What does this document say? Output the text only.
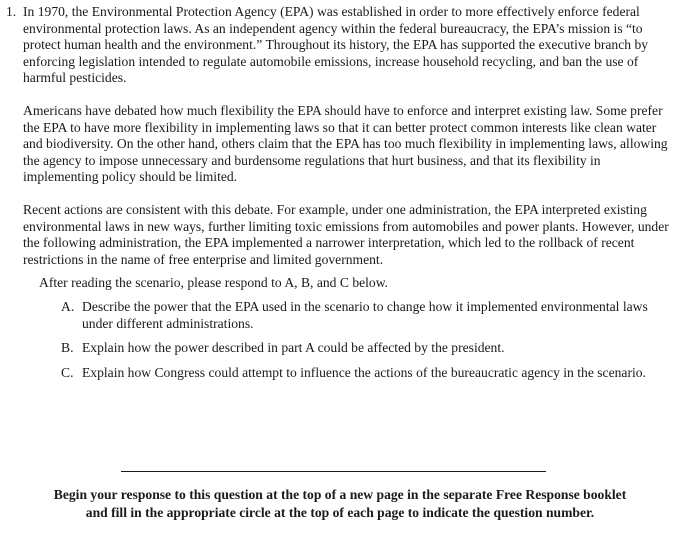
1. In 1970, the Environmental Protection Agency (EPA) was established in order to more effectively enforce federal environmental protection laws. As an independent agency within the federal bureaucracy, the EPA’s mission is “to protect human health and the environment.” Throughout its history, the EPA has supported the executive branch by enforcing legislation intended to regulate automobile emissions, increase household recycling, and ban the use of harmful pesticides.

Americans have debated how much flexibility the EPA should have to enforce and interpret existing law. Some prefer the EPA to have more flexibility in implementing laws so that it can better protect common interests like clean water and biodiversity. On the other hand, others claim that the EPA has too much flexibility in implementing laws, allowing the agency to impose unnecessary and burdensome regulations that hurt business, and that its flexibility in implementing policy should be limited.

Recent actions are consistent with this debate. For example, under one administration, the EPA interpreted existing environmental laws in new ways, further limiting toxic emissions from automobiles and power plants. However, under the following administration, the EPA implemented a narrower interpretation, which led to the rollback of recent restrictions in the name of free enterprise and limited government.

After reading the scenario, please respond to A, B, and C below.
A. Describe the power that the EPA used in the scenario to change how it implemented environmental laws under different administrations.
B. Explain how the power described in part A could be affected by the president.
C. Explain how Congress could attempt to influence the actions of the bureaucratic agency in the scenario.
Begin your response to this question at the top of a new page in the separate Free Response booklet
and fill in the appropriate circle at the top of each page to indicate the question number.
